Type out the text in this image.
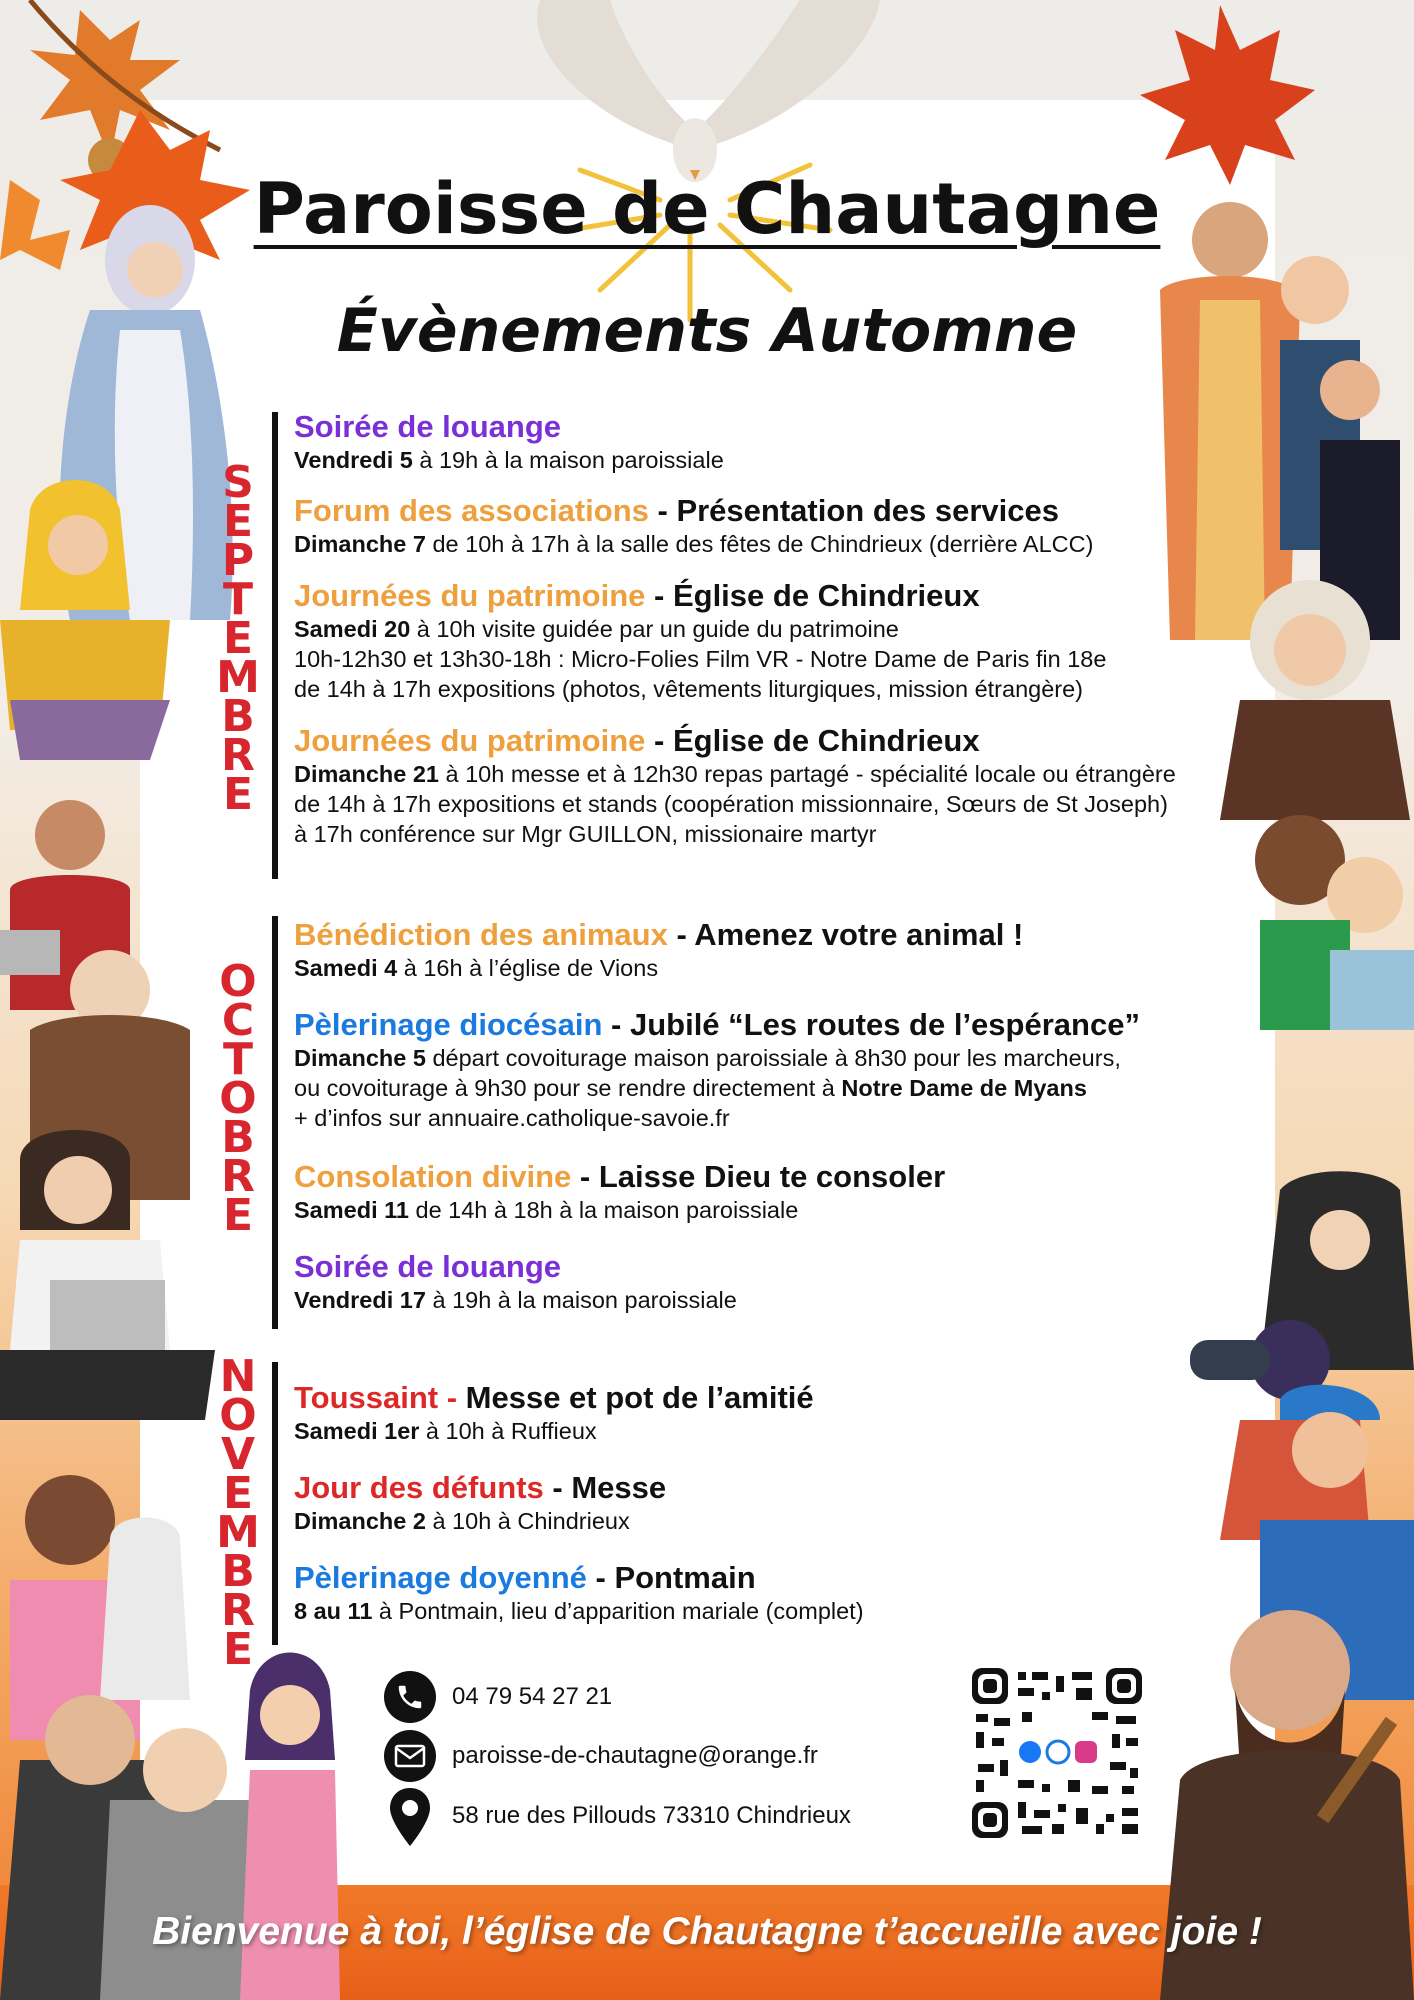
Paroisse de Chautagne
Évènements Automne
S
E
P
T
E
M
B
R
E
O
C
T
O
B
R
E
N
O
V
E
M
B
R
E
Soirée de louange
Vendredi 5 à 19h à la maison paroissiale
Forum des associations - Présentation des services
Dimanche 7 de 10h à 17h à la salle des fêtes de Chindrieux (derrière ALCC)
Journées du patrimoine - Église de Chindrieux
Samedi 20 à 10h visite guidée par un guide du patrimoine
10h-12h30 et 13h30-18h : Micro-Folies Film VR - Notre Dame de Paris fin 18e
de 14h à 17h expositions (photos, vêtements liturgiques, mission étrangère)
Journées du patrimoine - Église de Chindrieux
Dimanche 21 à 10h messe et à 12h30 repas partagé - spécialité locale ou étrangère
de 14h à 17h expositions et stands (coopération missionnaire, Sœurs de St Joseph)
à 17h conférence sur Mgr GUILLON, missionaire martyr
Bénédiction des animaux - Amenez votre animal !
Samedi 4 à 16h à l’église de Vions
Pèlerinage diocésain - Jubilé “Les routes de l’espérance”
Dimanche 5 départ covoiturage maison paroissiale à 8h30 pour les marcheurs,
ou covoiturage à 9h30 pour se rendre directement à Notre Dame de Myans
+ d’infos sur annuaire.catholique-savoie.fr
Consolation divine - Laisse Dieu te consoler
Samedi 11 de 14h à 18h à la maison paroissiale
Soirée de louange
Vendredi 17 à 19h à la maison paroissiale
Toussaint - Messe et pot de l’amitié
Samedi 1er à 10h à Ruffieux
Jour des défunts - Messe
Dimanche 2 à 10h à Chindrieux
Pèlerinage doyenné - Pontmain
8 au 11 à Pontmain, lieu d’apparition mariale (complet)
04 79 54 27 21
paroisse-de-chautagne@orange.fr
58 rue des Pillouds 73310 Chindrieux
Bienvenue à toi, l’église de Chautagne t’accueille avec joie !
